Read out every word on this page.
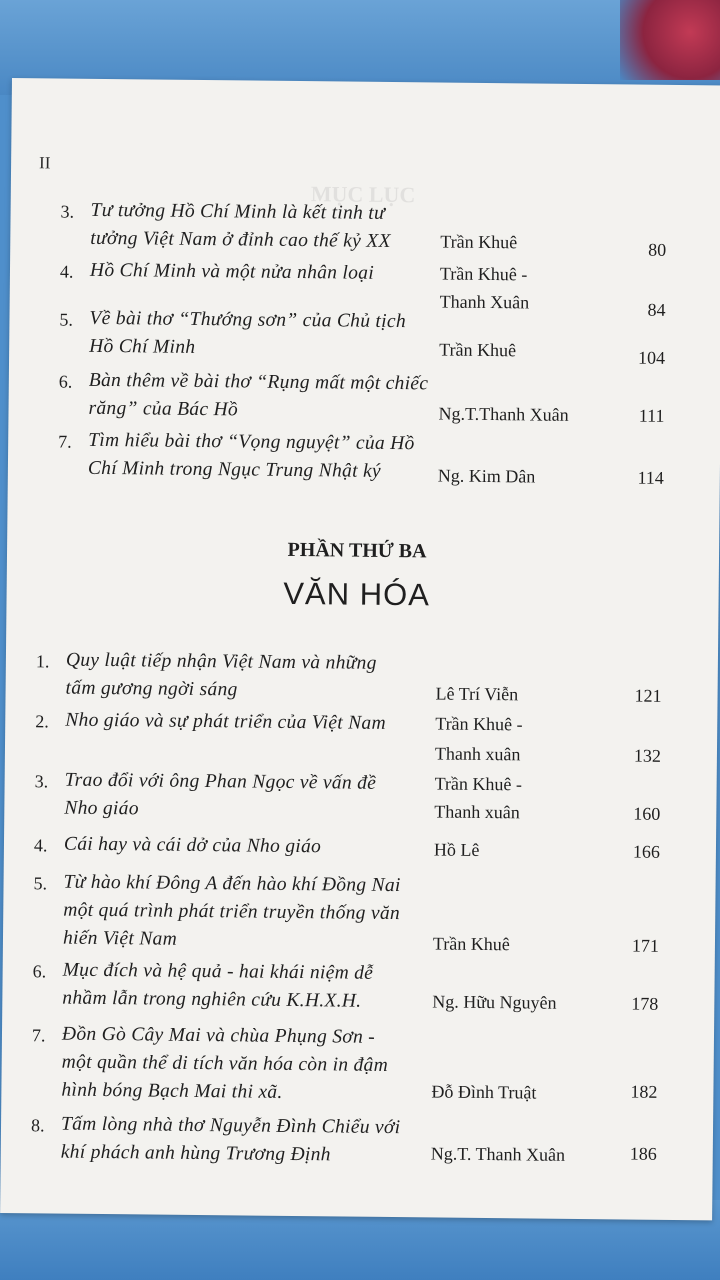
MỤC LỤC
II
3. Tư tưởng Hồ Chí Minh là kết tinh tư
tưởng Việt Nam ở đỉnh cao thế kỷ XX	Trần Khuê	80
4. Hồ Chí Minh và một nửa nhân loại	Trần Khuê -
Thanh Xuân	84
5. Về bài thơ “Thướng sơn” của Chủ tịch
Hồ Chí Minh	Trần Khuê	104
6. Bàn thêm về bài thơ “Rụng mất một chiếc
răng” của Bác Hồ	Ng.T.Thanh Xuân	111
7. Tìm hiểu bài thơ “Vọng nguyệt” của Hồ
Chí Minh trong Ngục Trung Nhật ký	Ng. Kim Dân	114
PHẦN THỨ BA
VĂN HÓA
1. Quy luật tiếp nhận Việt Nam và những
tấm gương ngời sáng	Lê Trí Viễn	121
2. Nho giáo và sự phát triển của Việt Nam	Trần Khuê -
Thanh xuân	132
3. Trao đổi với ông Phan Ngọc về vấn đề
Nho giáo
Trần Khuê -
Thanh xuân	160
4. Cái hay và cái dở của Nho giáo	Hồ Lê	166
5. Từ hào khí Đông A đến hào khí Đồng Nai
một quá trình phát triển truyền thống văn
hiến Việt Nam	Trần Khuê	171
6. Mục đích và hệ quả - hai khái niệm dễ
nhầm lẫn trong nghiên cứu K.H.X.H.	Ng. Hữu Nguyên	178
7. Đồn Gò Cây Mai và chùa Phụng Sơn -
một quần thể di tích văn hóa còn in đậm
hình bóng Bạch Mai thi xã.	Đỗ Đình Truật	182
8. Tấm lòng nhà thơ Nguyễn Đình Chiểu với
khí phách anh hùng Trương Định	Ng.T. Thanh Xuân	186
